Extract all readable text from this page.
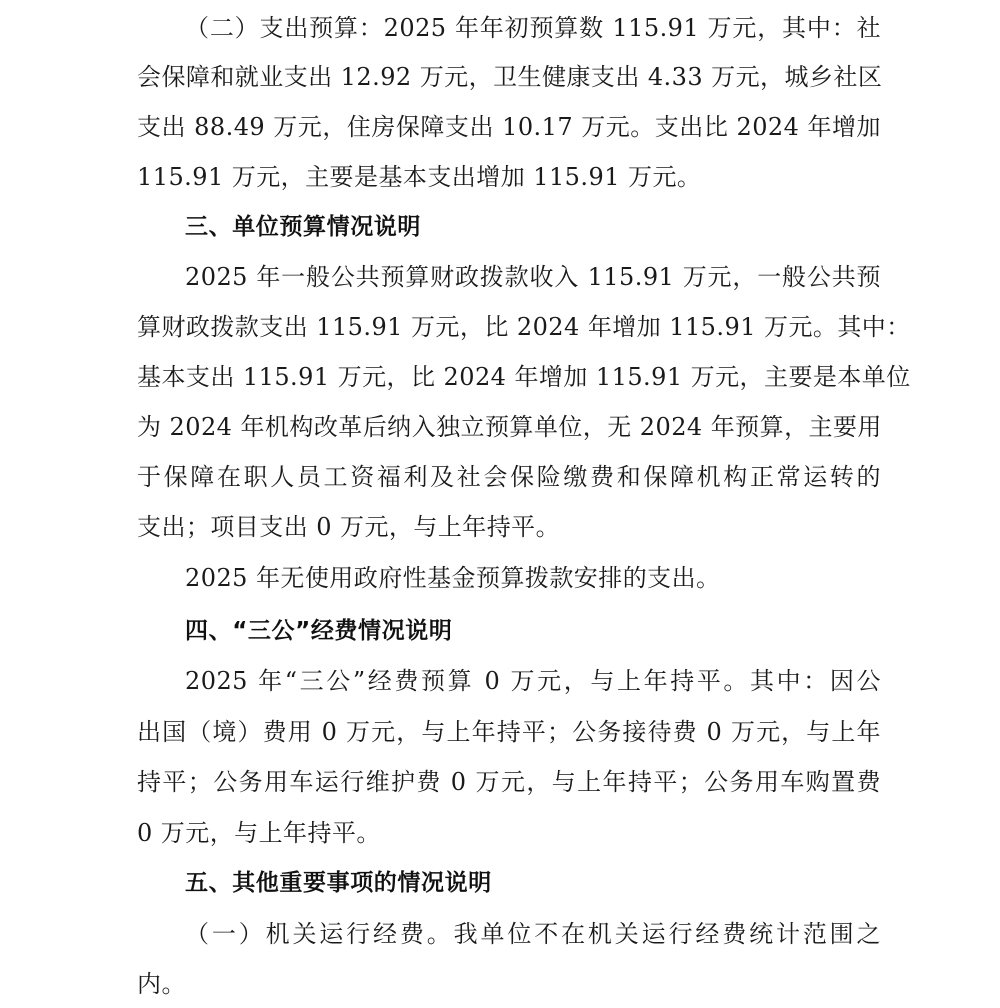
（二）支出预算：2025 年年初预算数 115.91 万元，其中：社
会保障和就业支出 12.92 万元，卫生健康支出 4.33 万元，城乡社区
支出 88.49 万元，住房保障支出 10.17 万元。支出比 2024 年增加
115.91 万元，主要是基本支出增加 115.91 万元。
三、单位预算情况说明
2025 年一般公共预算财政拨款收入 115.91 万元，一般公共预
算财政拨款支出 115.91 万元，比 2024 年增加 115.91 万元。其中：
基本支出 115.91 万元，比 2024 年增加 115.91 万元，主要是本单位
为 2024 年机构改革后纳入独立预算单位，无 2024 年预算，主要用
于保障在职人员工资福利及社会保险缴费和保障机构正常运转的
支出；项目支出 0 万元，与上年持平。
2025 年无使用政府性基金预算拨款安排的支出。
四、“三公”经费情况说明
2025 年“三公”经费预算 0 万元，与上年持平。其中：因公
出国（境）费用 0 万元，与上年持平；公务接待费 0 万元，与上年
持平；公务用车运行维护费 0 万元，与上年持平；公务用车购置费
0 万元，与上年持平。
五、其他重要事项的情况说明
（一）机关运行经费。我单位不在机关运行经费统计范围之
内。
